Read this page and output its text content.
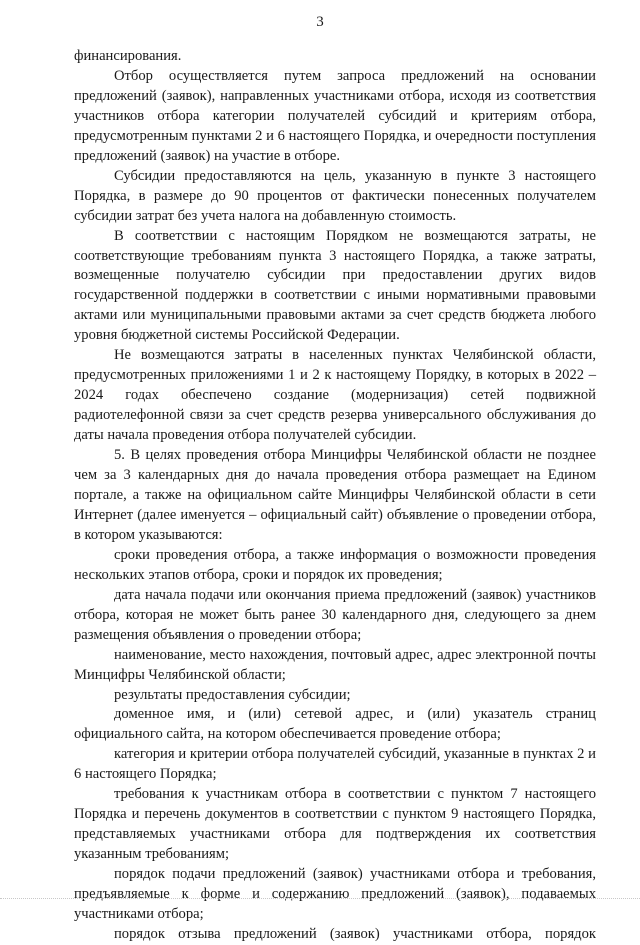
3

финансирования.

Отбор осуществляется путем запроса предложений на основании предложений (заявок), направленных участниками отбора, исходя из соответствия участников отбора категории получателей субсидий и критериям отбора, предусмотренным пунктами 2 и 6 настоящего Порядка, и очередности поступления предложений (заявок) на участие в отборе.

Субсидии предоставляются на цель, указанную в пункте 3 настоящего Порядка, в размере до 90 процентов от фактически понесенных получателем субсидии затрат без учета налога на добавленную стоимость.

В соответствии с настоящим Порядком не возмещаются затраты, не соответствующие требованиям пункта 3 настоящего Порядка, а также затраты, возмещенные получателю субсидии при предоставлении других видов государственной поддержки в соответствии с иными нормативными правовыми актами или муниципальными правовыми актами за счет средств бюджета любого уровня бюджетной системы Российской Федерации.

Не возмещаются затраты в населенных пунктах Челябинской области, предусмотренных приложениями 1 и 2 к настоящему Порядку, в которых в 2022 – 2024 годах обеспечено создание (модернизация) сетей подвижной радиотелефонной связи за счет средств резерва универсального обслуживания до даты начала проведения отбора получателей субсидии.

5. В целях проведения отбора Минцифры Челябинской области не позднее чем за 3 календарных дня до начала проведения отбора размещает на Едином портале, а также на официальном сайте Минцифры Челябинской области в сети Интернет (далее именуется – официальный сайт) объявление о проведении отбора, в котором указываются:

сроки проведения отбора, а также информация о возможности проведения нескольких этапов отбора, сроки и порядок их проведения;

дата начала подачи или окончания приема предложений (заявок) участников отбора, которая не может быть ранее 30 календарного дня, следующего за днем размещения объявления о проведении отбора;

наименование, место нахождения, почтовый адрес, адрес электронной почты Минцифры Челябинской области;

результаты предоставления субсидии;

доменное имя, и (или) сетевой адрес, и (или) указатель страниц официального сайта, на котором обеспечивается проведение отбора;

категория и критерии отбора получателей субсидий, указанные в пунктах 2 и 6 настоящего Порядка;

требования к участникам отбора в соответствии с пунктом 7 настоящего Порядка и перечень документов в соответствии с пунктом 9 настоящего Порядка, представляемых участниками отбора для подтверждения их соответствия указанным требованиям;

порядок подачи предложений (заявок) участниками отбора и требования, предъявляемые к форме и содержанию предложений (заявок), подаваемых участниками отбора;

порядок отзыва предложений (заявок) участниками отбора, порядок
